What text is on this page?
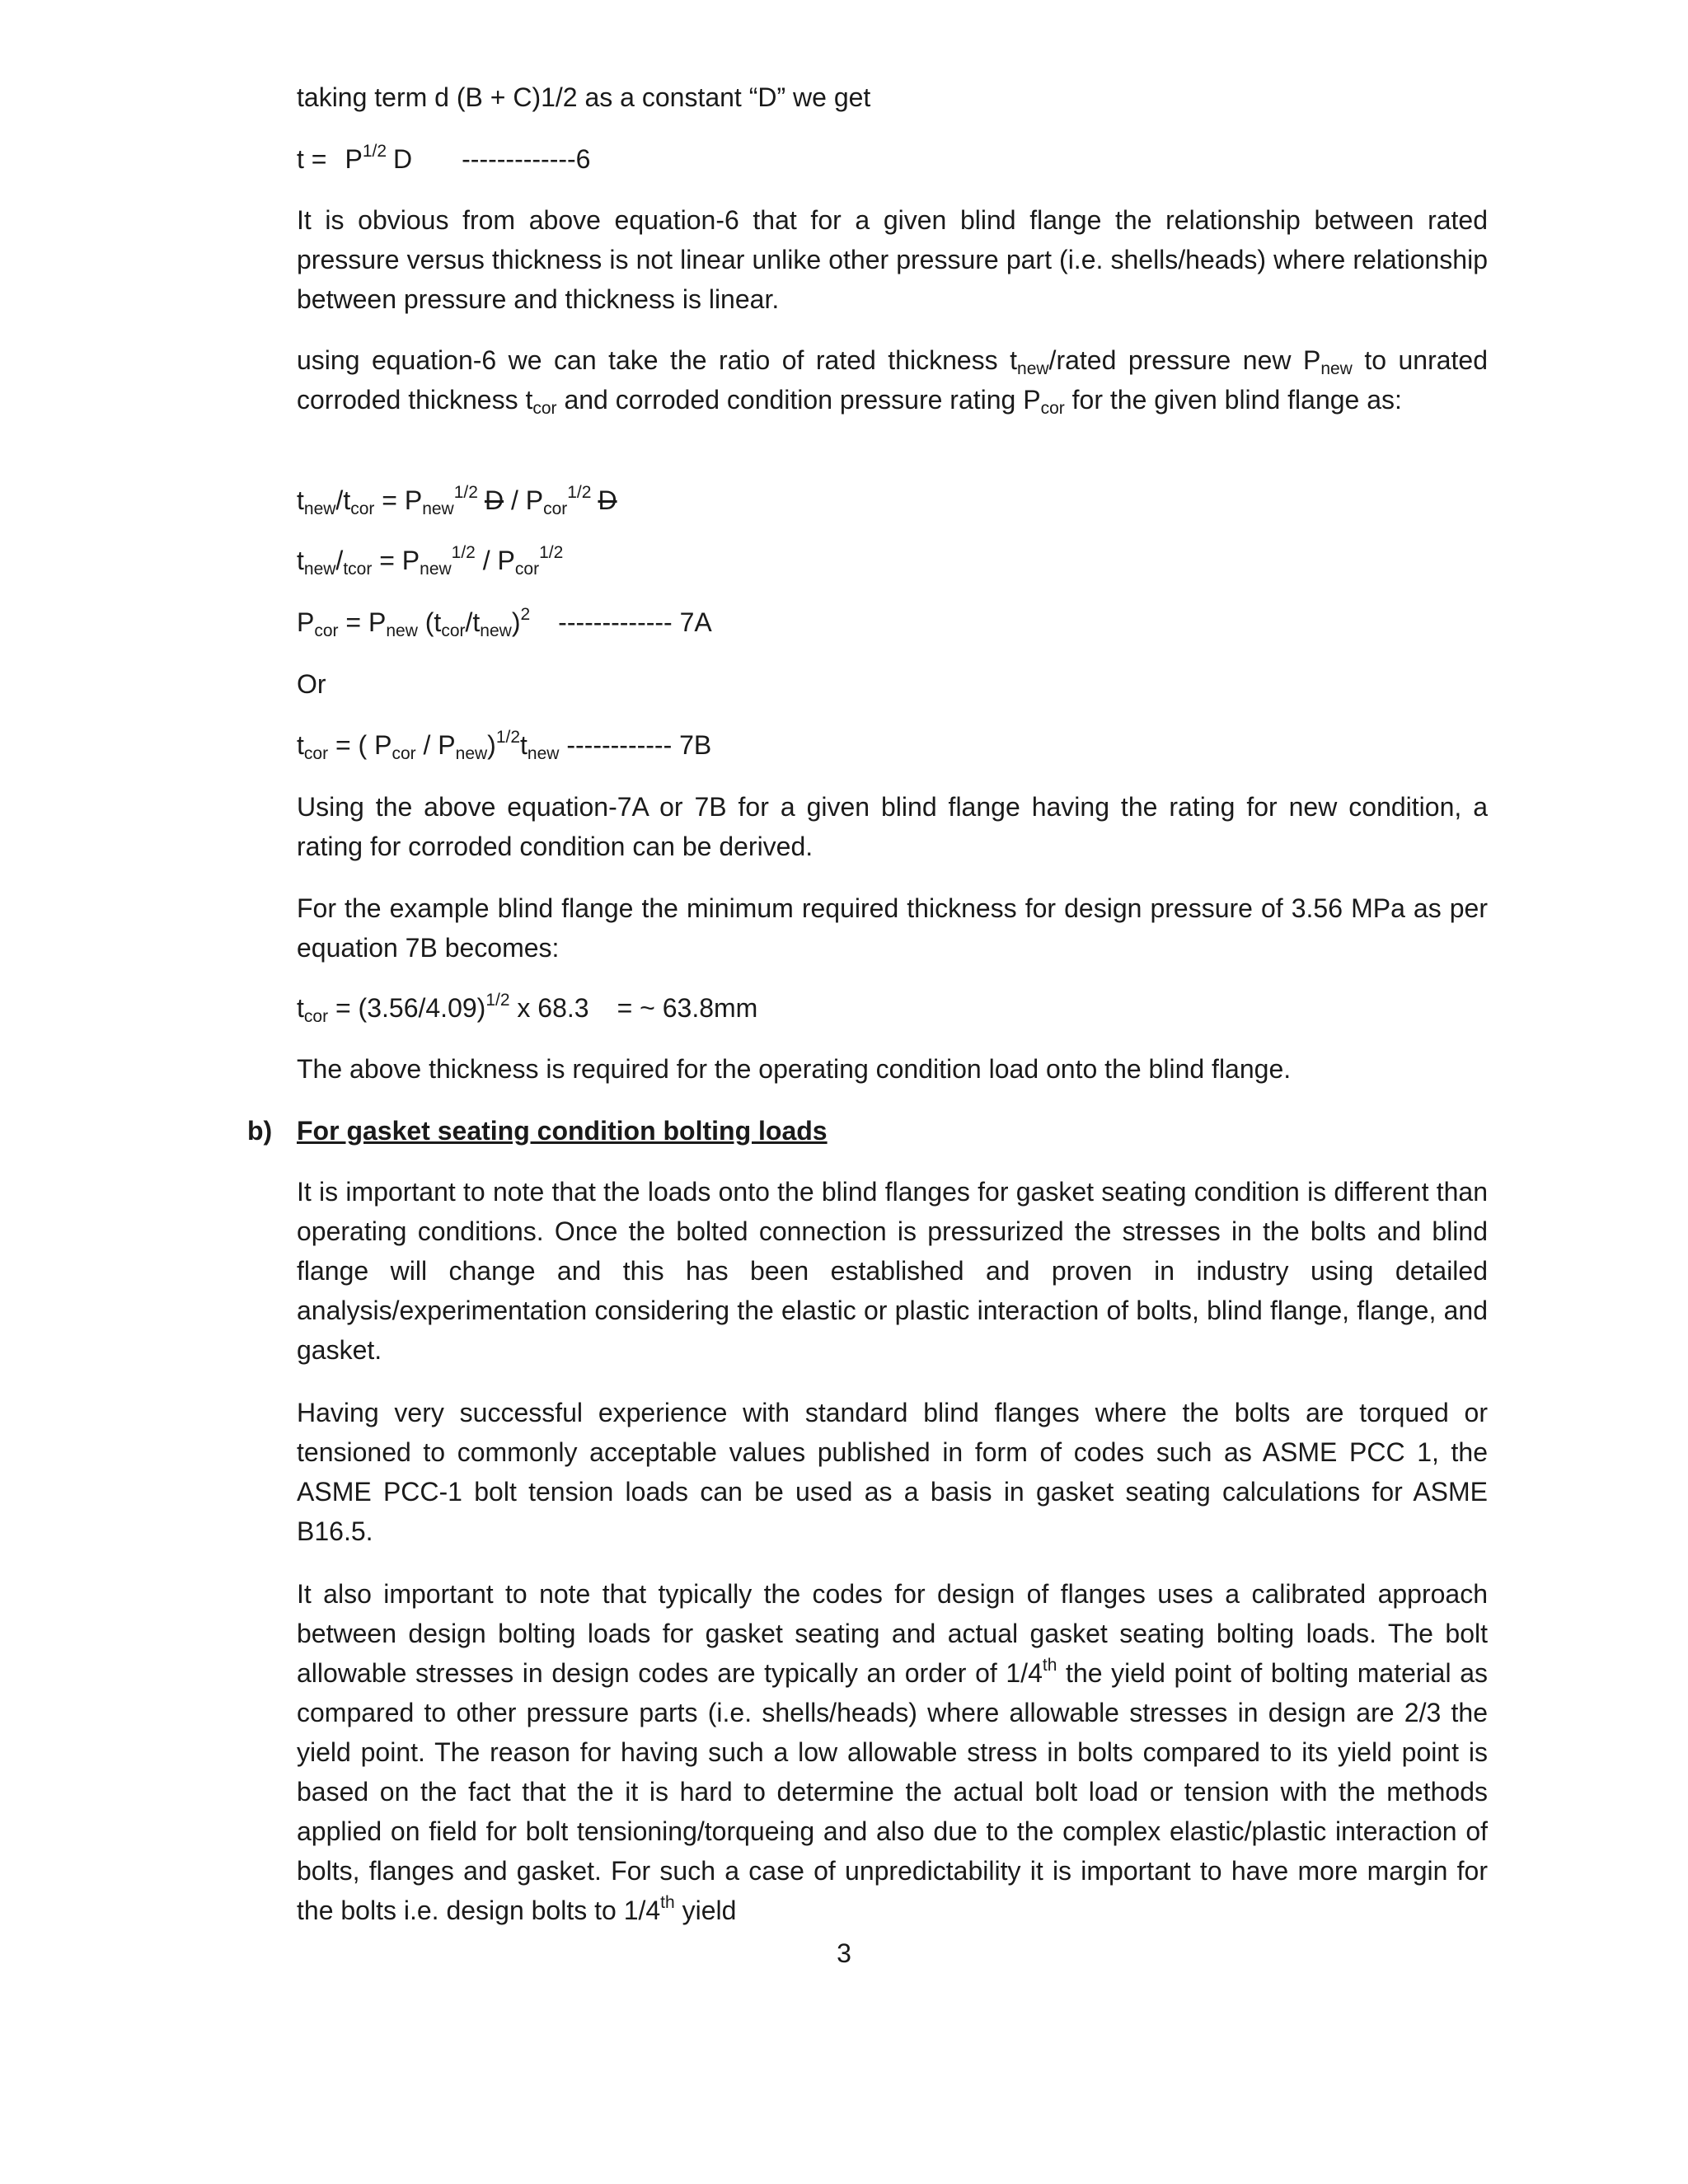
taking term d (B + C)1/2 as a constant “D” we get
$t = P^{1/2}$ D -------------6
It is obvious from above equation-6 that for a given blind flange the relationship between rated pressure versus thickness is not linear unlike other pressure part (i.e. shells/heads) where relationship between pressure and thickness is linear.
using equation-6 we can take the ratio of rated thickness $t_{new}$/rated pressure new $P_{new}$ to unrated corroded thickness $t_{cor}$ and corroded condition pressure rating $P_{cor}$ for the given blind flange as:
$t_{new}/t_{cor} = P_{new}^{1/2}$ D / $P_{cor}^{1/2}$ D
$t_{new}/_{tcor} = P_{new}^{1/2} / P_{cor}^{1/2}$
$P_{cor} = P_{new}$ $(t_{cor}/t_{new})^2$ ------------- 7A
Or
$t_{cor}$ = ( $P_{cor} / P_{new})^{1/2}t_{new}$ ------------ 7B
Using the above equation-7A or 7B for a given blind flange having the rating for new condition, a rating for corroded condition can be derived.
For the example blind flange the minimum required thickness for design pressure of 3.56 MPa as per equation 7B becomes:
$t_{cor} = (3.56/4.09)^{1/2}$ x 68.3 = ~ 63.8mm
The above thickness is required for the operating condition load onto the blind flange.
b) For gasket seating condition bolting loads
It is important to note that the loads onto the blind flanges for gasket seating condition is different than operating conditions. Once the bolted connection is pressurized the stresses in the bolts and blind flange will change and this has been established and proven in industry using detailed analysis/experimentation considering the elastic or plastic interaction of bolts, blind flange, flange, and gasket.
Having very successful experience with standard blind flanges where the bolts are torqued or tensioned to commonly acceptable values published in form of codes such as ASME PCC 1, the ASME PCC-1 bolt tension loads can be used as a basis in gasket seating calculations for ASME B16.5.
It also important to note that typically the codes for design of flanges uses a calibrated approach between design bolting loads for gasket seating and actual gasket seating bolting loads. The bolt allowable stresses in design codes are typically an order of 1/4th the yield point of bolting material as compared to other pressure parts (i.e. shells/heads) where allowable stresses in design are 2/3 the yield point. The reason for having such a low allowable stress in bolts compared to its yield point is based on the fact that the it is hard to determine the actual bolt load or tension with the methods applied on field for bolt tensioning/torqueing and also due to the complex elastic/plastic interaction of bolts, flanges and gasket. For such a case of unpredictability it is important to have more margin for the bolts i.e. design bolts to 1/4th yield
3
